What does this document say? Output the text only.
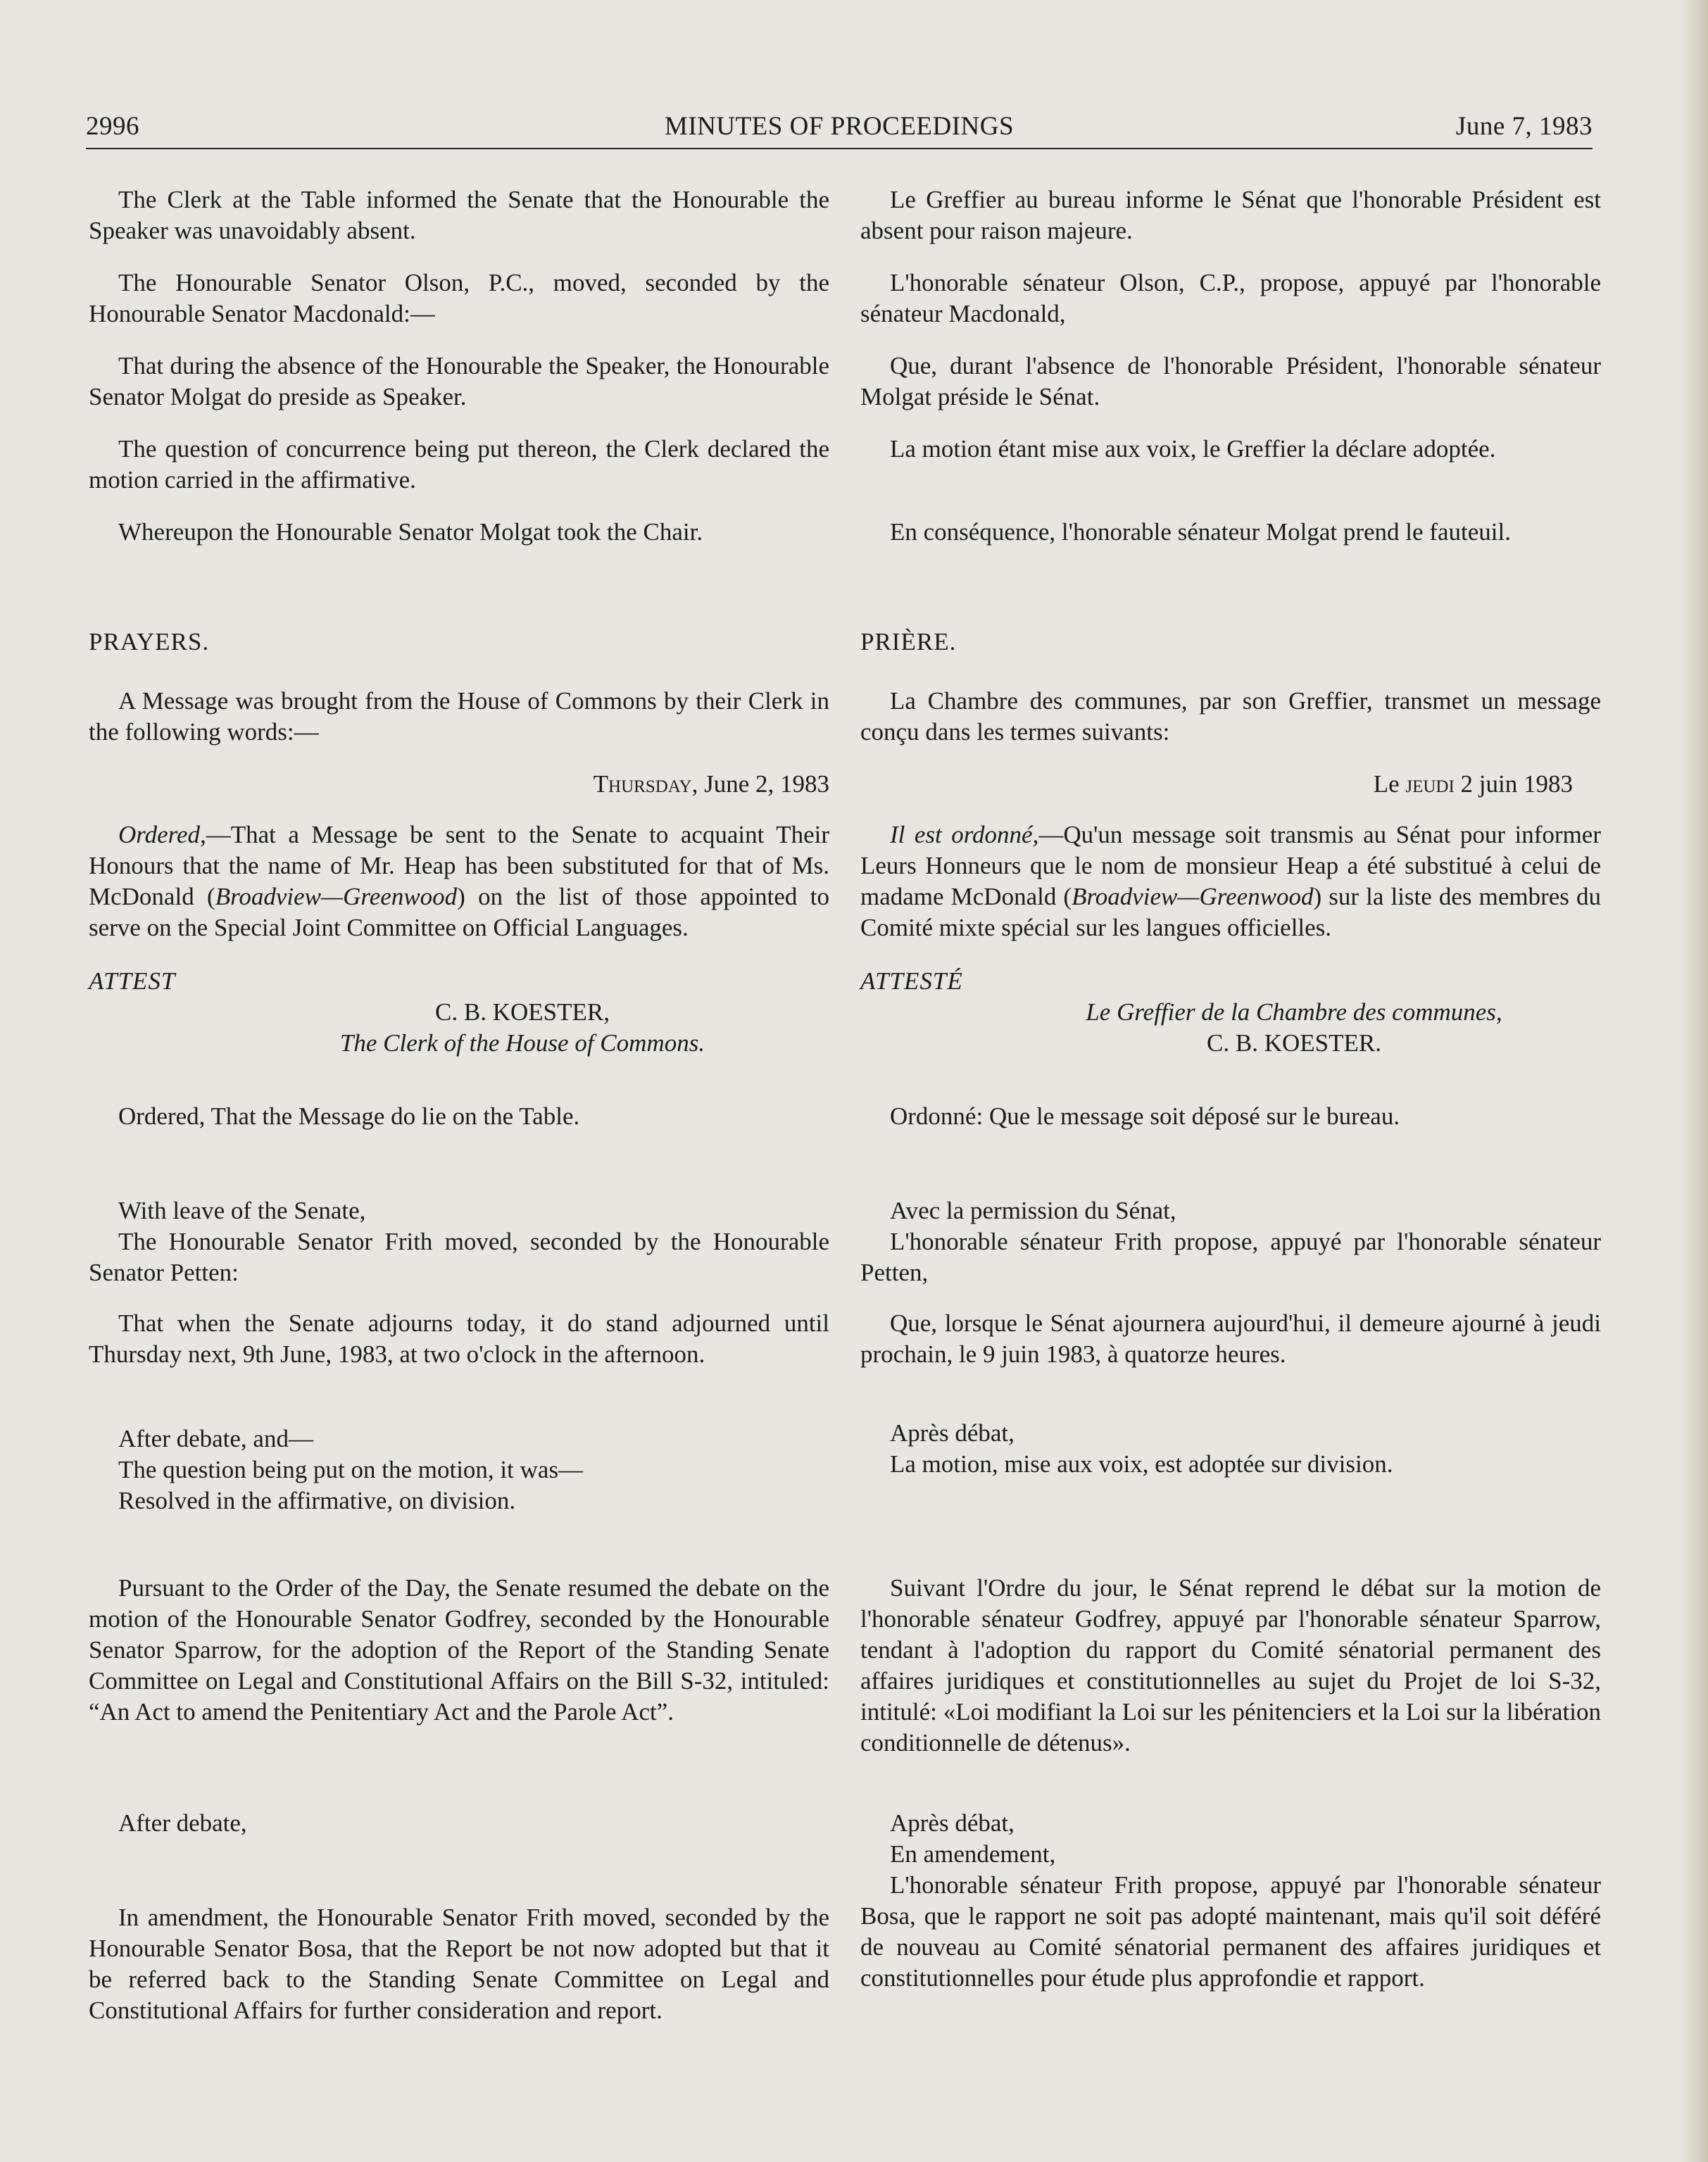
2996	MINUTES OF PROCEEDINGS	June 7, 1983

The Clerk at the Table informed the Senate that the Honourable the Speaker was unavoidably absent.

The Honourable Senator Olson, P.C., moved, seconded by the Honourable Senator Macdonald:—

That during the absence of the Honourable the Speaker, the Honourable Senator Molgat do preside as Speaker.

The question of concurrence being put thereon, the Clerk declared the motion carried in the affirmative.

Whereupon the Honourable Senator Molgat took the Chair.

PRAYERS.

A Message was brought from the House of Commons by their Clerk in the following words:—

Thursday, June 2, 1983

Ordered,—That a Message be sent to the Senate to acquaint Their Honours that the name of Mr. Heap has been substituted for that of Ms. McDonald (Broadview—Greenwood) on the list of those appointed to serve on the Special Joint Committee on Official Languages.

ATTEST

C. B. KOESTER,

The Clerk of the House of Commons.

Ordered, That the Message do lie on the Table.

With leave of the Senate,

The Honourable Senator Frith moved, seconded by the Honourable Senator Petten:

That when the Senate adjourns today, it do stand adjourned until Thursday next, 9th June, 1983, at two o'clock in the afternoon.

After debate, and—

The question being put on the motion, it was—

Resolved in the affirmative, on division.

Pursuant to the Order of the Day, the Senate resumed the debate on the motion of the Honourable Senator Godfrey, seconded by the Honourable Senator Sparrow, for the adoption of the Report of the Standing Senate Committee on Legal and Constitutional Affairs on the Bill S-32, intituled: “An Act to amend the Penitentiary Act and the Parole Act”.

After debate,

In amendment, the Honourable Senator Frith moved, seconded by the Honourable Senator Bosa, that the Report be not now adopted but that it be referred back to the Standing Senate Committee on Legal and Constitutional Affairs for further consideration and report.

Le Greffier au bureau informe le Sénat que l'honorable Président est absent pour raison majeure.

L'honorable sénateur Olson, C.P., propose, appuyé par l'honorable sénateur Macdonald,

Que, durant l'absence de l'honorable Président, l'honorable sénateur Molgat préside le Sénat.

La motion étant mise aux voix, le Greffier la déclare adoptée.

En conséquence, l'honorable sénateur Molgat prend le fauteuil.

PRIÈRE.

La Chambre des communes, par son Greffier, transmet un message conçu dans les termes suivants:

Le jeudi 2 juin 1983

Il est ordonné,—Qu'un message soit transmis au Sénat pour informer Leurs Honneurs que le nom de monsieur Heap a été substitué à celui de madame McDonald (Broadview—Greenwood) sur la liste des membres du Comité mixte spécial sur les langues officielles.

ATTESTÉ

Le Greffier de la Chambre des communes,

C. B. KOESTER.

Ordonné: Que le message soit déposé sur le bureau.

Avec la permission du Sénat,

L'honorable sénateur Frith propose, appuyé par l'honorable sénateur Petten,

Que, lorsque le Sénat ajournera aujourd'hui, il demeure ajourné à jeudi prochain, le 9 juin 1983, à quatorze heures.

Après débat,

La motion, mise aux voix, est adoptée sur division.

Suivant l'Ordre du jour, le Sénat reprend le débat sur la motion de l'honorable sénateur Godfrey, appuyé par l'honorable sénateur Sparrow, tendant à l'adoption du rapport du Comité sénatorial permanent des affaires juridiques et constitutionnelles au sujet du Projet de loi S-32, intitulé: «Loi modifiant la Loi sur les pénitenciers et la Loi sur la libération conditionnelle de détenus».

Après débat,

En amendement,

L'honorable sénateur Frith propose, appuyé par l'honorable sénateur Bosa, que le rapport ne soit pas adopté maintenant, mais qu'il soit déféré de nouveau au Comité sénatorial permanent des affaires juridiques et constitutionnelles pour étude plus approfondie et rapport.
